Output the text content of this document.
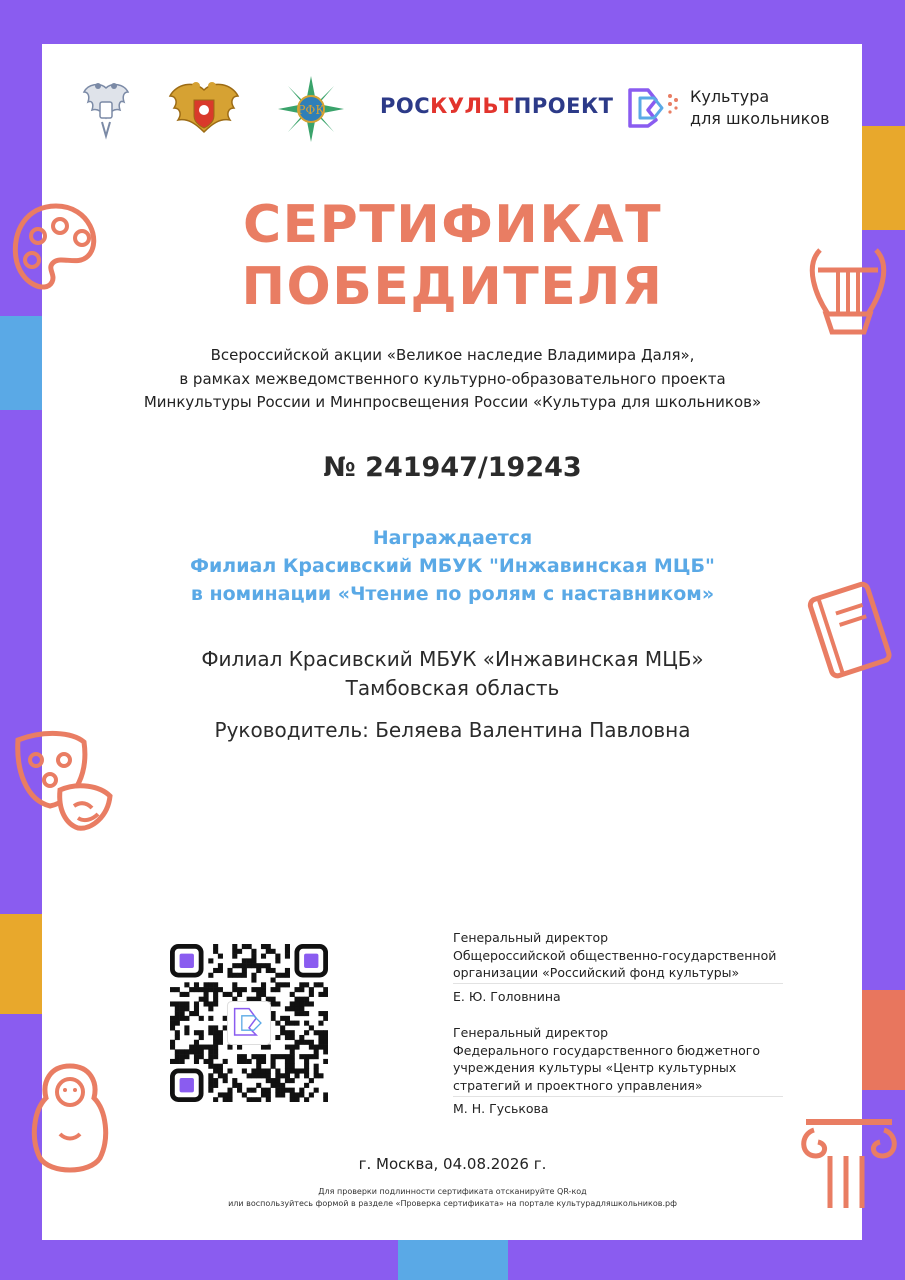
РФК	РОСКУЛЬТПРОЕКТ	Культура
для школьников
СЕРТИФИКАТ
ПОБЕДИТЕЛЯ
Всероссийской акции «Великое наследие Владимира Даля»,
в рамках межведомственного культурно-образовательного проекта
Минкультуры России и Минпросвещения России «Культура для школьников»
№ 241947/19243
Награждается
Филиал Красивский МБУК "Инжавинская МЦБ"
в номинации «Чтение по ролям с наставником»
Филиал Красивский МБУК «Инжавинская МЦБ»
Тамбовская область
Руководитель: Беляева Валентина Павловна
Генеральный директор
Общероссийской общественно-государственной
организации «Российский фонд культуры»
Е. Ю. Головнина
Генеральный директор
Федерального государственного бюджетного
учреждения культуры «Центр культурных
стратегий и проектного управления»
М. Н. Гуськова
г. Москва, 04.08.2026 г.
Для проверки подлинности сертификата отсканируйте QR-код
или воспользуйтесь формой в разделе «Проверка сертификата» на портале культурадляшкольников.рф
